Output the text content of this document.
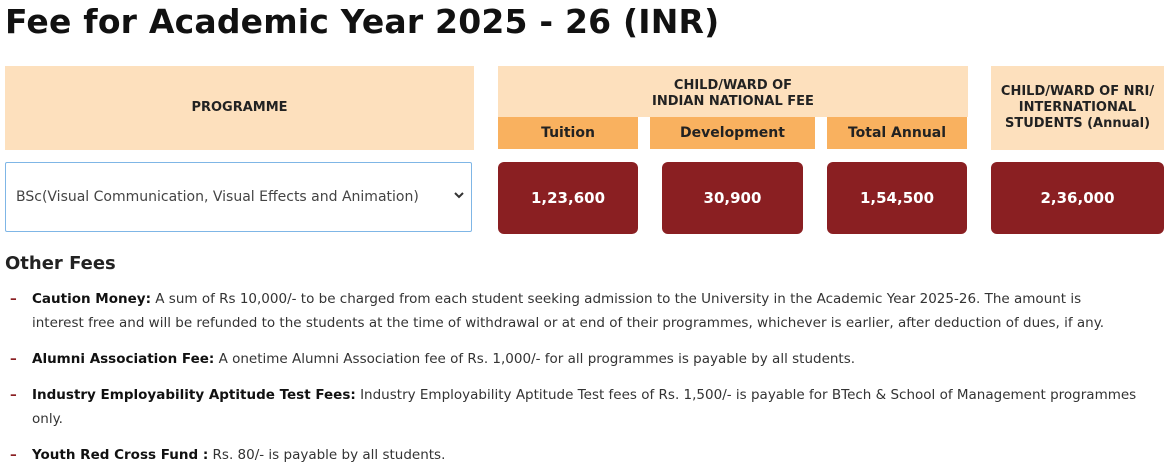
Fee for Academic Year 2025 - 26 (INR)
PROGRAMME
CHILD/WARD OF
INDIAN NATIONAL FEE
Tuition	Development	Total Annual
CHILD/WARD OF NRI/
INTERNATIONAL
STUDENTS (Annual)
BSc(Visual Communication, Visual Effects and Animation)	1,23,600	30,900	1,54,500	2,36,000
Other Fees
– Caution Money: A sum of Rs 10,000/- to be charged from each student seeking admission to the University in the Academic Year 2025-26. The amount is
interest free and will be refunded to the students at the time of withdrawal or at end of their programmes, whichever is earlier, after deduction of dues, if any.
– Alumni Association Fee: A onetime Alumni Association fee of Rs. 1,000/- for all programmes is payable by all students.
– Industry Employability Aptitude Test Fees: Industry Employability Aptitude Test fees of Rs. 1,500/- is payable for BTech & School of Management programmes
only.
– Youth Red Cross Fund : Rs. 80/- is payable by all students.
